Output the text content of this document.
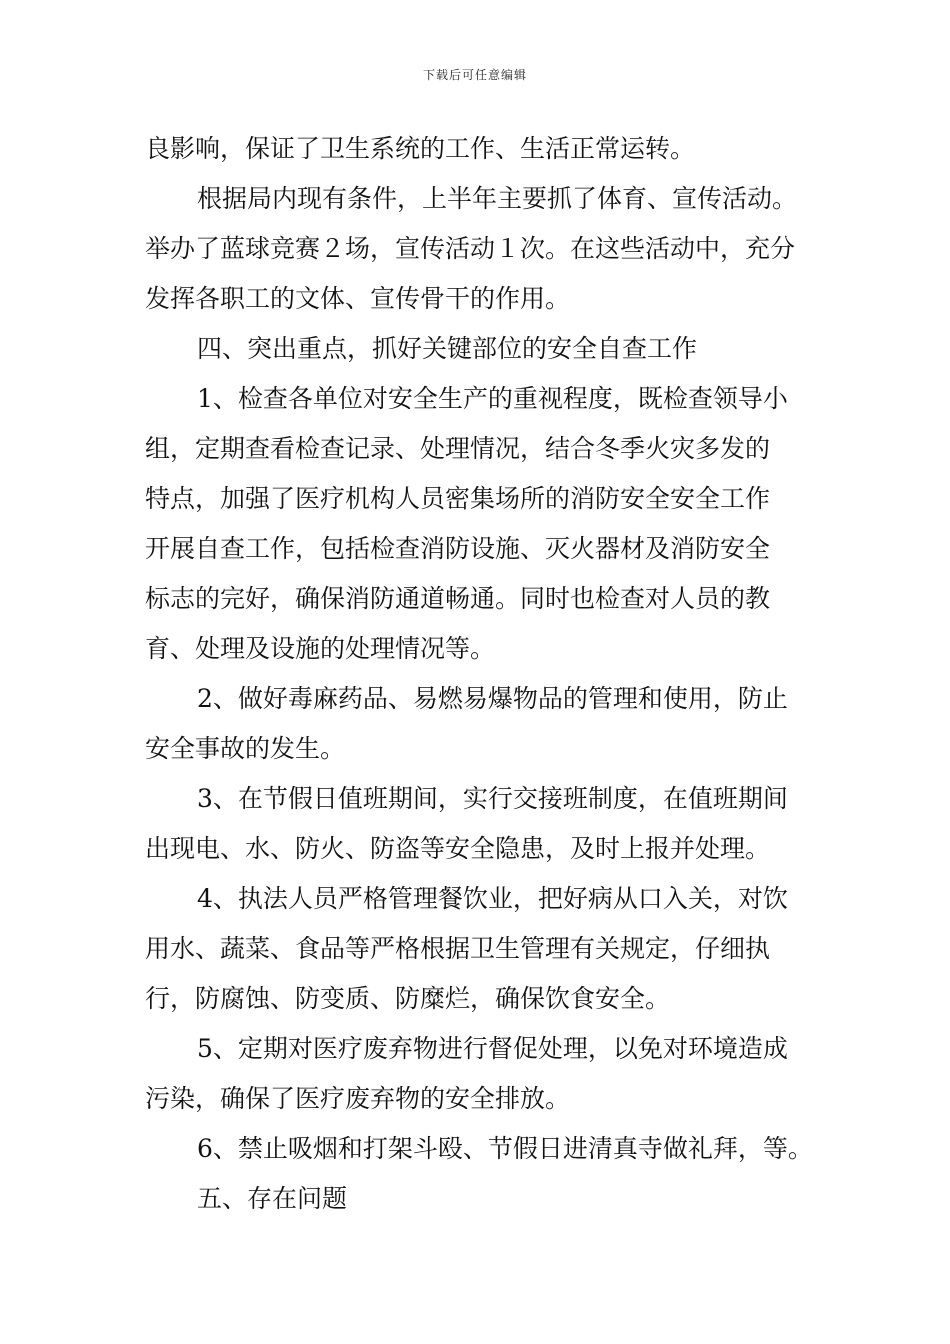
下载后可任意编辑
良影响，保证了卫生系统的工作、生活正常运转。
根据局内现有条件，上半年主要抓了体育、宣传活动。
举办了蓝球竞赛２场，宣传活动１次。在这些活动中，充分
发挥各职工的文体、宣传骨干的作用。
四、突出重点，抓好关键部位的安全自查工作
1、检查各单位对安全生产的重视程度，既检查领导小
组，定期查看检查记录、处理情况，结合冬季火灾多发的
特点，加强了医疗机构人员密集场所的消防安全安全工作
开展自查工作，包括检查消防设施、灭火器材及消防安全
标志的完好，确保消防通道畅通。同时也检查对人员的教
育、处理及设施的处理情况等。
2、做好毒麻药品、易燃易爆物品的管理和使用，防止
安全事故的发生。
3、在节假日值班期间，实行交接班制度，在值班期间
出现电、水、防火、防盗等安全隐患，及时上报并处理。
4、执法人员严格管理餐饮业，把好病从口入关，对饮
用水、蔬菜、食品等严格根据卫生管理有关规定，仔细执
行，防腐蚀、防变质、防糜烂，确保饮食安全。
5、定期对医疗废弃物进行督促处理，以免对环境造成
污染，确保了医疗废弃物的安全排放。
6、禁止吸烟和打架斗殴、节假日进清真寺做礼拜，等。
五、存在问题
